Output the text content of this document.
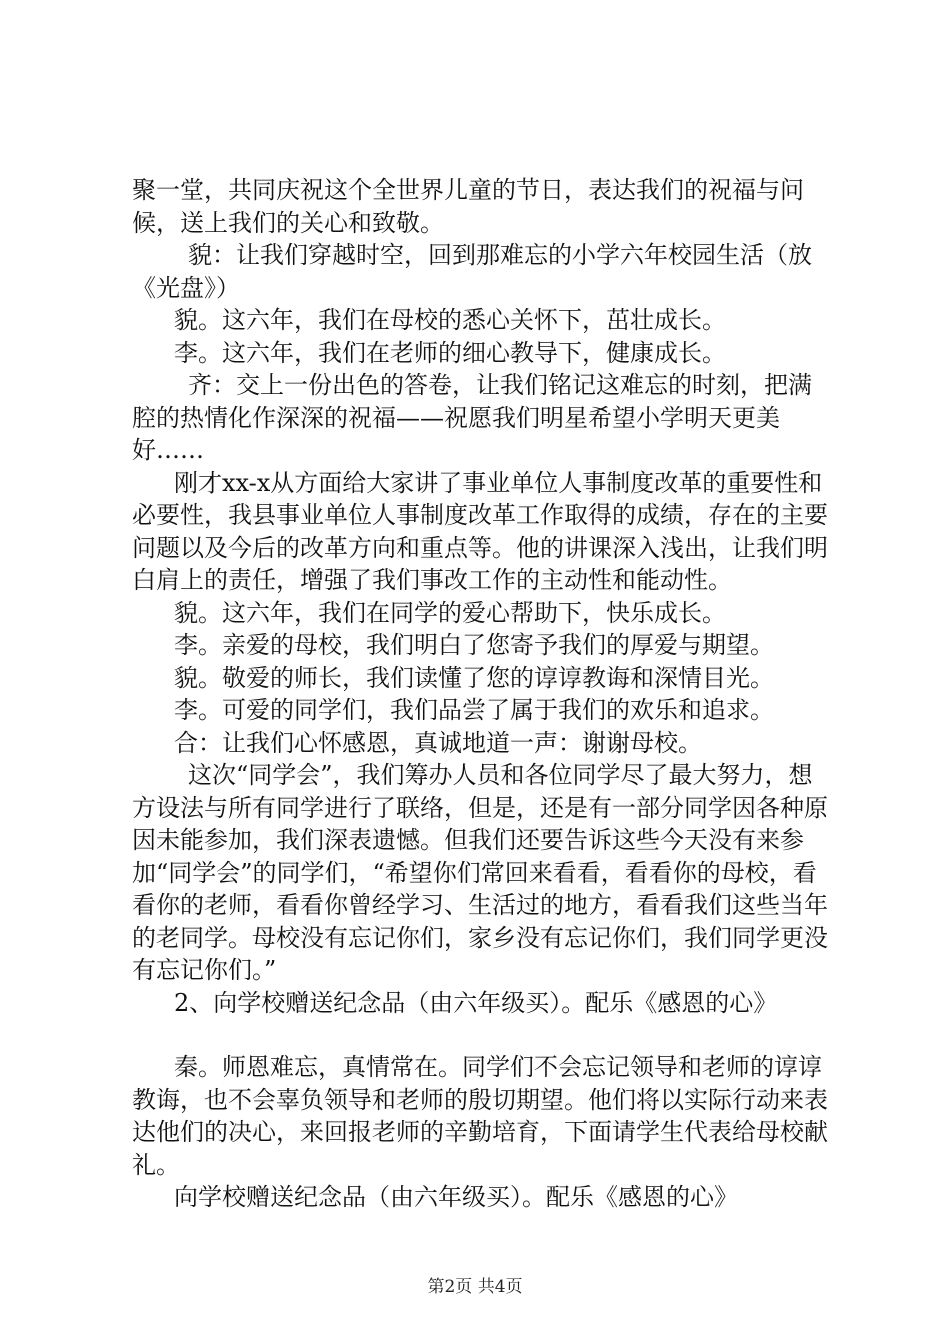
聚一堂，共同庆祝这个全世界儿童的节日，表达我们的祝福与问候，送上我们的关心和致敬。

貌：让我们穿越时空，回到那难忘的小学六年校园生活（放《光盘》）

貌。这六年，我们在母校的悉心关怀下，茁壮成长。

李。这六年，我们在老师的细心教导下，健康成长。

齐：交上一份出色的答卷，让我们铭记这难忘的时刻，把满腔的热情化作深深的祝福——祝愿我们明星希望小学明天更美好……

刚才xx-x从方面给大家讲了事业单位人事制度改革的重要性和必要性，我县事业单位人事制度改革工作取得的成绩，存在的主要问题以及今后的改革方向和重点等。他的讲课深入浅出，让我们明白肩上的责任，增强了我们事改工作的主动性和能动性。

貌。这六年，我们在同学的爱心帮助下，快乐成长。

李。亲爱的母校，我们明白了您寄予我们的厚爱与期望。

貌。敬爱的师长，我们读懂了您的谆谆教诲和深情目光。

李。可爱的同学们，我们品尝了属于我们的欢乐和追求。

合：让我们心怀感恩，真诚地道一声：谢谢母校。

这次“同学会”，我们筹办人员和各位同学尽了最大努力，想方设法与所有同学进行了联络，但是，还是有一部分同学因各种原因未能参加，我们深表遗憾。但我们还要告诉这些今天没有来参加“同学会”的同学们，“希望你们常回来看看，看看你的母校，看看你的老师，看看你曾经学习、生活过的地方，看看我们这些当年的老同学。母校没有忘记你们，家乡没有忘记你们，我们同学更没有忘记你们。”

2、向学校赠送纪念品（由六年级买）。配乐《感恩的心》

秦。师恩难忘，真情常在。同学们不会忘记领导和老师的谆谆教诲，也不会辜负领导和老师的殷切期望。他们将以实际行动来表达他们的决心，来回报老师的辛勤培育，下面请学生代表给母校献礼。

向学校赠送纪念品（由六年级买）。配乐《感恩的心》

第2页 共4页
